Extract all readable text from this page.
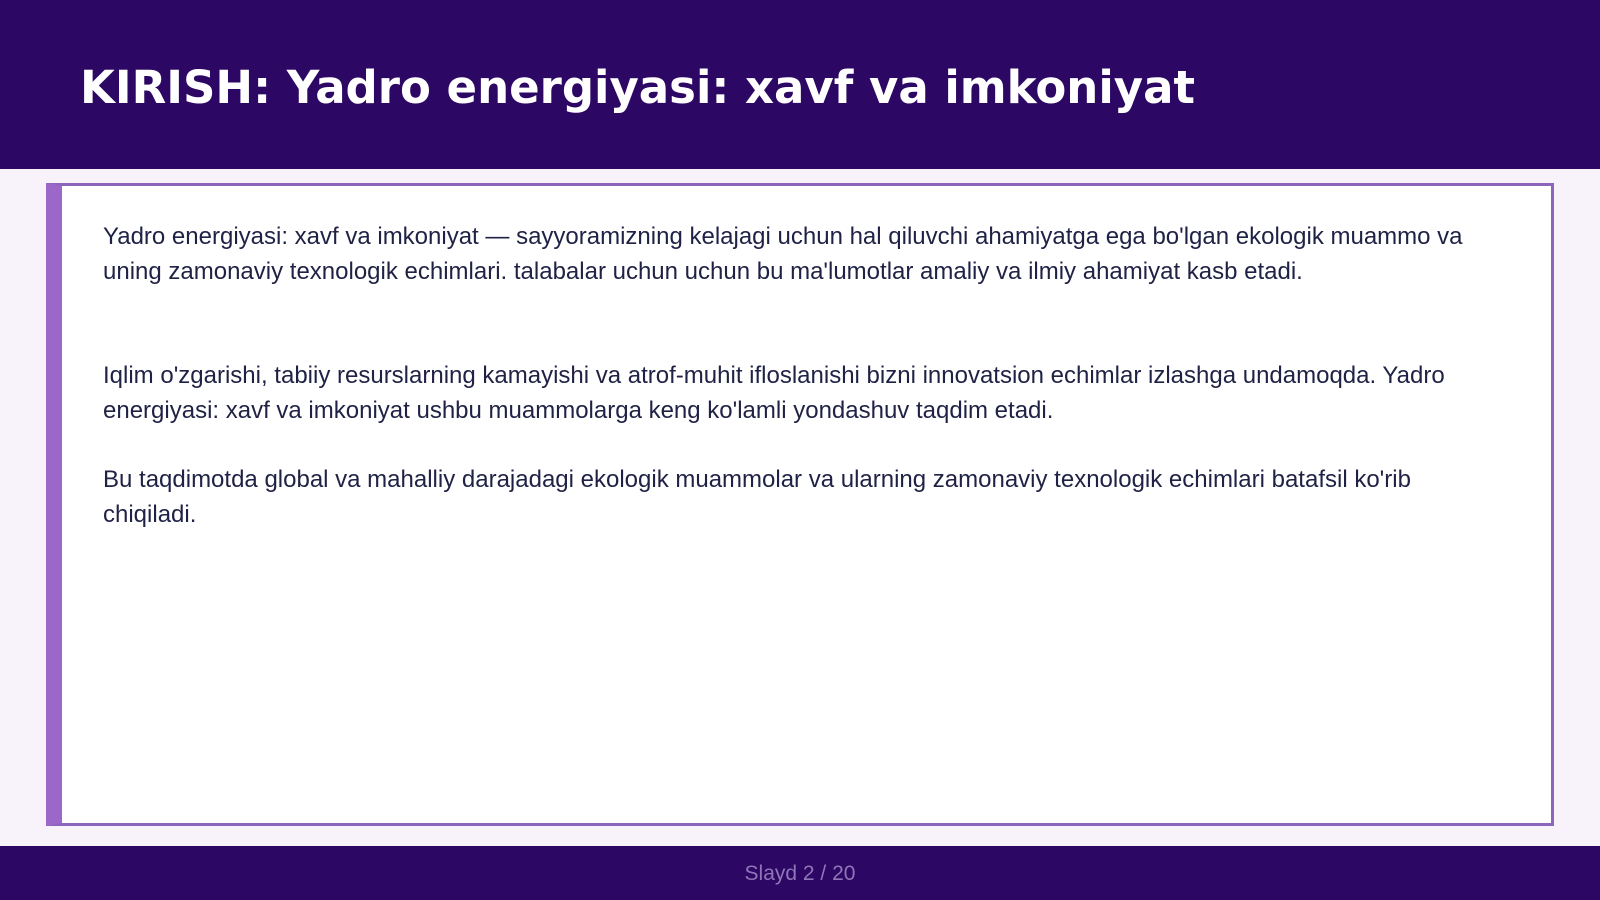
KIRISH: Yadro energiyasi: xavf va imkoniyat

Yadro energiyasi: xavf va imkoniyat — sayyoramizning kelajagi uchun hal qiluvchi ahamiyatga ega bo'lgan ekologik muammo va uning zamonaviy texnologik echimlari. talabalar uchun uchun bu ma'lumotlar amaliy va ilmiy ahamiyat kasb etadi.

Iqlim o'zgarishi, tabiiy resurslarning kamayishi va atrof-muhit ifloslanishi bizni innovatsion echimlar izlashga undamoqda. Yadro energiyasi: xavf va imkoniyat ushbu muammolarga keng ko'lamli yondashuv taqdim etadi.

Bu taqdimotda global va mahalliy darajadagi ekologik muammolar va ularning zamonaviy texnologik echimlari batafsil ko'rib chiqiladi.

Slayd 2 / 20
